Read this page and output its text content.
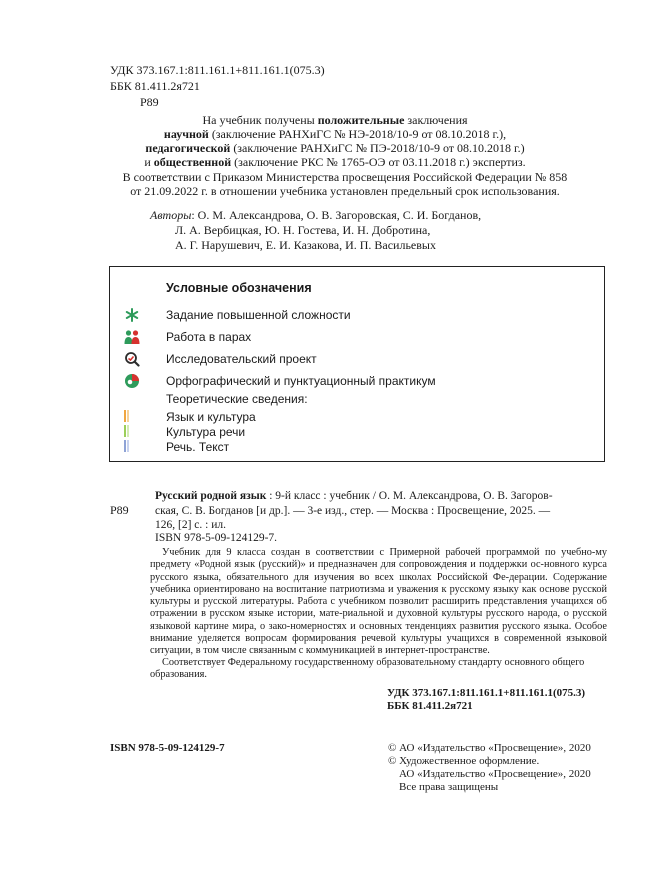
УДК 373.167.1:811.161.1+811.161.1(075.3)
ББК 81.411.2я721
Р89
На учебник получены положительные заключения
научной (заключение РАНХиГС № НЭ-2018/10-9 от 08.10.2018 г.),
педагогической (заключение РАНХиГС № ПЭ-2018/10-9 от 08.10.2018 г.)
и общественной (заключение РКС № 1765-ОЭ от 03.11.2018 г.) экспертиз.
В соответствии с Приказом Министерства просвещения Российской Федерации № 858
от 21.09.2022 г. в отношении учебника установлен предельный срок использования.
Авторы: О. М. Александрова, О. В. Загоровская, С. И. Богданов,
Л. А. Вербицкая, Ю. Н. Гостева, И. Н. Добротина,
А. Г. Нарушевич, Е. И. Казакова, И. П. Васильевых
Условные обозначения
Задание повышенной сложности
Работа в парах
Исследовательский проект
Орфографический и пунктуационный практикум
Теоретические сведения:
Язык и культура
Культура речи
Речь. Текст
Р89
Русский родной язык : 9-й класс : учебник / О. М. Александрова, О. В. Загоров-
ская, С. В. Богданов [и др.]. — 3-е изд., стер. — Москва : Просвещение, 2025. —
126, [2] с. : ил.
ISBN 978-5-09-124129-7.

Учебник для 9 класса создан в соответствии с Примерной рабочей программой по учебно-му предмету «Родной язык (русский)» и предназначен для сопровождения и поддержки ос-новного курса русского языка, обязательного для изучения во всех школах Российской Фе-дерации. Содержание учебника ориентировано на воспитание патриотизма и уважения к русскому языку как основе русской культуры и русской литературы. Работа с учебником позволит расширить представления учащихся об отражении в русском языке истории, мате-риальной и духовной культуры русского народа, о русской языковой картине мира, о зако-номерностях и основных тенденциях развития русского языка. Особое внимание уделяется вопросам формирования речевой культуры учащихся в современной языковой ситуации, в том числе связанным с коммуникацией в интернет-пространстве.

Соответствует Федеральному государственному образовательному стандарту основного общего образования.

УДК 373.167.1:811.161.1+811.161.1(075.3)
ББК 81.411.2я721
ISBN 978-5-09-124129-7	© АО «Издательство «Просвещение», 2020
© Художественное оформление.
АО «Издательство «Просвещение», 2020
Все права защищены
